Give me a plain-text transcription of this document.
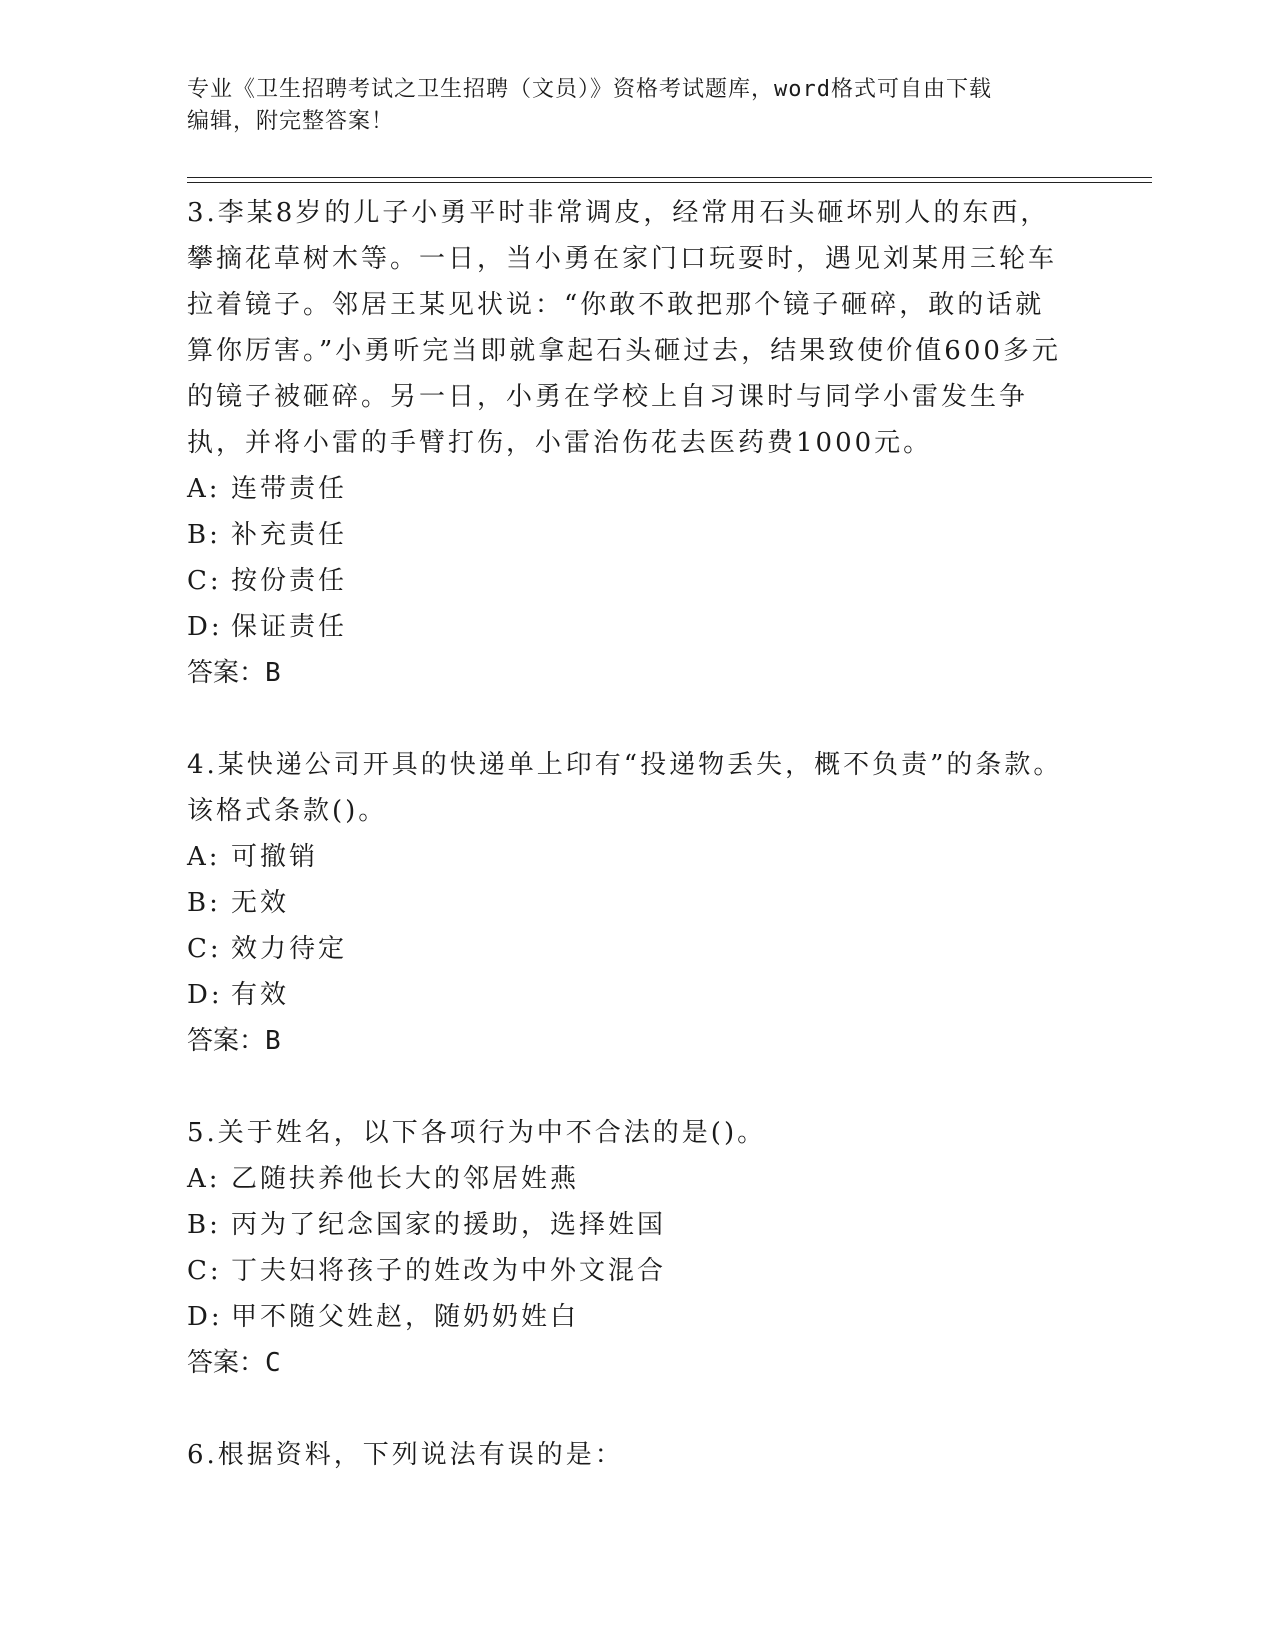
专业《卫生招聘考试之卫生招聘（文员）》资格考试题库，word格式可自由下载
编辑，附完整答案！

3.李某8岁的儿子小勇平时非常调皮，经常用石头砸坏别人的东西，攀摘花草树木等。一日，当小勇在家门口玩耍时，遇见刘某用三轮车拉着镜子。邻居王某见状说：“你敢不敢把那个镜子砸碎，敢的话就算你厉害。”小勇听完当即就拿起石头砸过去，结果致使价值600多元的镜子被砸碎。另一日，小勇在学校上自习课时与同学小雷发生争执，并将小雷的手臂打伤，小雷治伤花去医药费1000元。

A: 连带责任
B: 补充责任
C: 按份责任
D: 保证责任
答案：B

4.某快递公司开具的快递单上印有“投递物丢失，概不负责”的条款。该格式条款()。

A: 可撤销
B: 无效
C: 效力待定
D: 有效
答案：B

5.关于姓名，以下各项行为中不合法的是()。

A: 乙随扶养他长大的邻居姓燕
B: 丙为了纪念国家的援助，选择姓国
C: 丁夫妇将孩子的姓改为中外文混合
D: 甲不随父姓赵，随奶奶姓白
答案：C

6.根据资料，下列说法有误的是：
